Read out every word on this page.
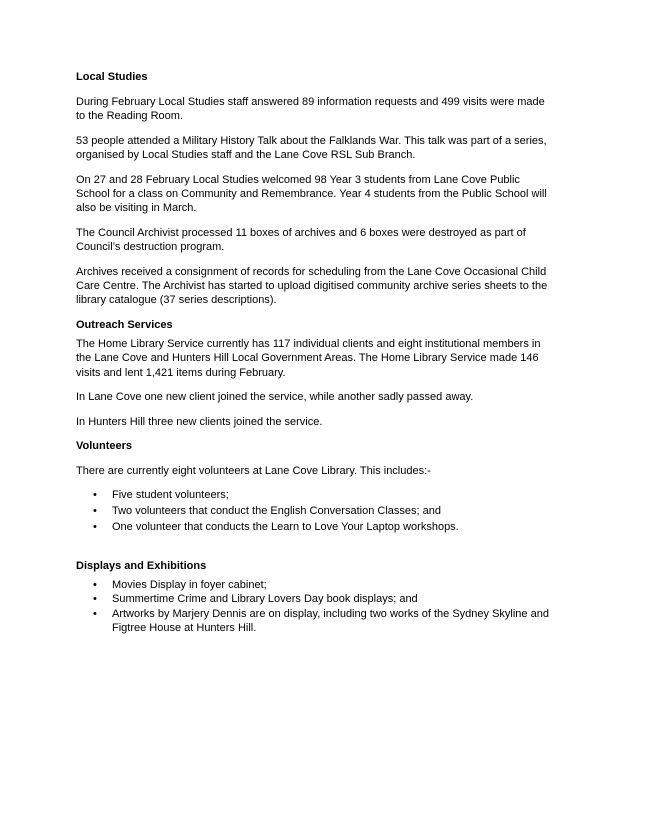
Local Studies

During February Local Studies staff answered 89 information requests and 499 visits were made to the Reading Room.

53 people attended a Military History Talk about the Falklands War. This talk was part of a series, organised by Local Studies staff and the Lane Cove RSL Sub Branch.

On 27 and 28 February Local Studies welcomed 98 Year 3 students from Lane Cove Public School for a class on Community and Remembrance. Year 4 students from the Public School will also be visiting in March.

The Council Archivist processed 11 boxes of archives and 6 boxes were destroyed as part of Council’s destruction program.

Archives received a consignment of records for scheduling from the Lane Cove Occasional Child Care Centre. The Archivist has started to upload digitised community archive series sheets to the library catalogue (37 series descriptions).

Outreach Services

The Home Library Service currently has 117 individual clients and eight institutional members in the Lane Cove and Hunters Hill Local Government Areas. The Home Library Service made 146 visits and lent 1,421 items during February.

In Lane Cove one new client joined the service, while another sadly passed away.

In Hunters Hill three new clients joined the service.

Volunteers

There are currently eight volunteers at Lane Cove Library. This includes:-

• Five student volunteers;
• Two volunteers that conduct the English Conversation Classes; and
• One volunteer that conducts the Learn to Love Your Laptop workshops.
Displays and Exhibitions
• Movies Display in foyer cabinet;
• Summertime Crime and Library Lovers Day book displays; and
• Artworks by Marjery Dennis are on display, including two works of the Sydney Skyline and Figtree House at Hunters Hill.
